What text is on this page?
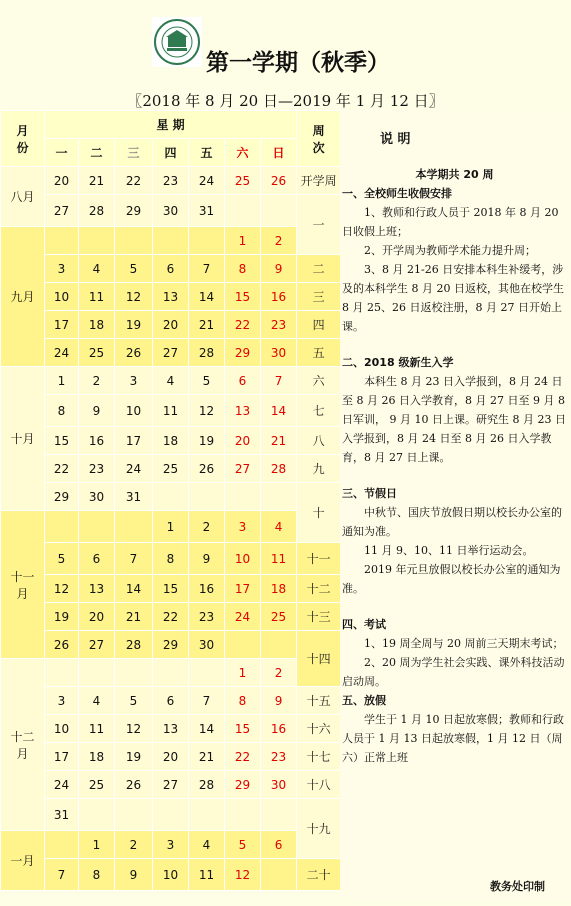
第一学期（秋季）
〖2018 年 8 月 20 日—2019 年 1 月 12 日〗
月
份	星 期							周
次
	一	二	三	四	五	六	日	
八月	20	21	22	23	24	25	26	开学周
	27	28	29	30	31			一
九月						1	2	
	3	4	5	6	7	8	9	二
	10	11	12	13	14	15	16	三
	17	18	19	20	21	22	23	四
	24	25	26	27	28	29	30	五
十月	1	2	3	4	5	6	7	六
	8	9	10	11	12	13	14	七
	15	16	17	18	19	20	21	八
	22	23	24	25	26	27	28	九
	29	30	31					十
十一
月				1	2	3	4	
	5	6	7	8	9	10	11	十一
	12	13	14	15	16	17	18	十二
	19	20	21	22	23	24	25	十三
	26	27	28	29	30			十四
十二
月						1	2	
	3	4	5	6	7	8	9	十五
	10	11	12	13	14	15	16	十六
	17	18	19	20	21	22	23	十七
	24	25	26	27	28	29	30	十八
	31							十九
一月		1	2	3	4	5	6	
	7	8	9	10	11	12		二十
说 明
本学期共 20 周
一、全校师生收假安排

1、教师和行政人员于 2018 年 8 月 20 日收假上班；

2、开学周为教师学术能力提升周；

3、8 月 21-26 日安排本科生补缓考，涉及的本科学生 8 月 20 日返校，其他在校学生 8 月 25、26 日返校注册，8 月 27 日开始上课。

二、2018 级新生入学

本科生 8 月 23 日入学报到，8 月 24 日至 8 月 26 日入学教育，8 月 27 日至 9 月 8 日军训， 9 月 10 日上课。研究生 8 月 23 日入学报到，8 月 24 日至 8 月 26 日入学教育，8 月 27 日上课。

三、节假日

中秋节、国庆节放假日期以校长办公室的通知为准。

11 月 9、10、11 日举行运动会。

2019 年元旦放假以校长办公室的通知为准。

四、考试

1、19 周全周与 20 周前三天期末考试；

2、20 周为学生社会实践、课外科技活动启动周。

五、放假

学生于 1 月 10 日起放寒假；教师和行政人员于 1 月 13 日起放寒假，1 月 12 日（周六）正常上班

教务处印制
